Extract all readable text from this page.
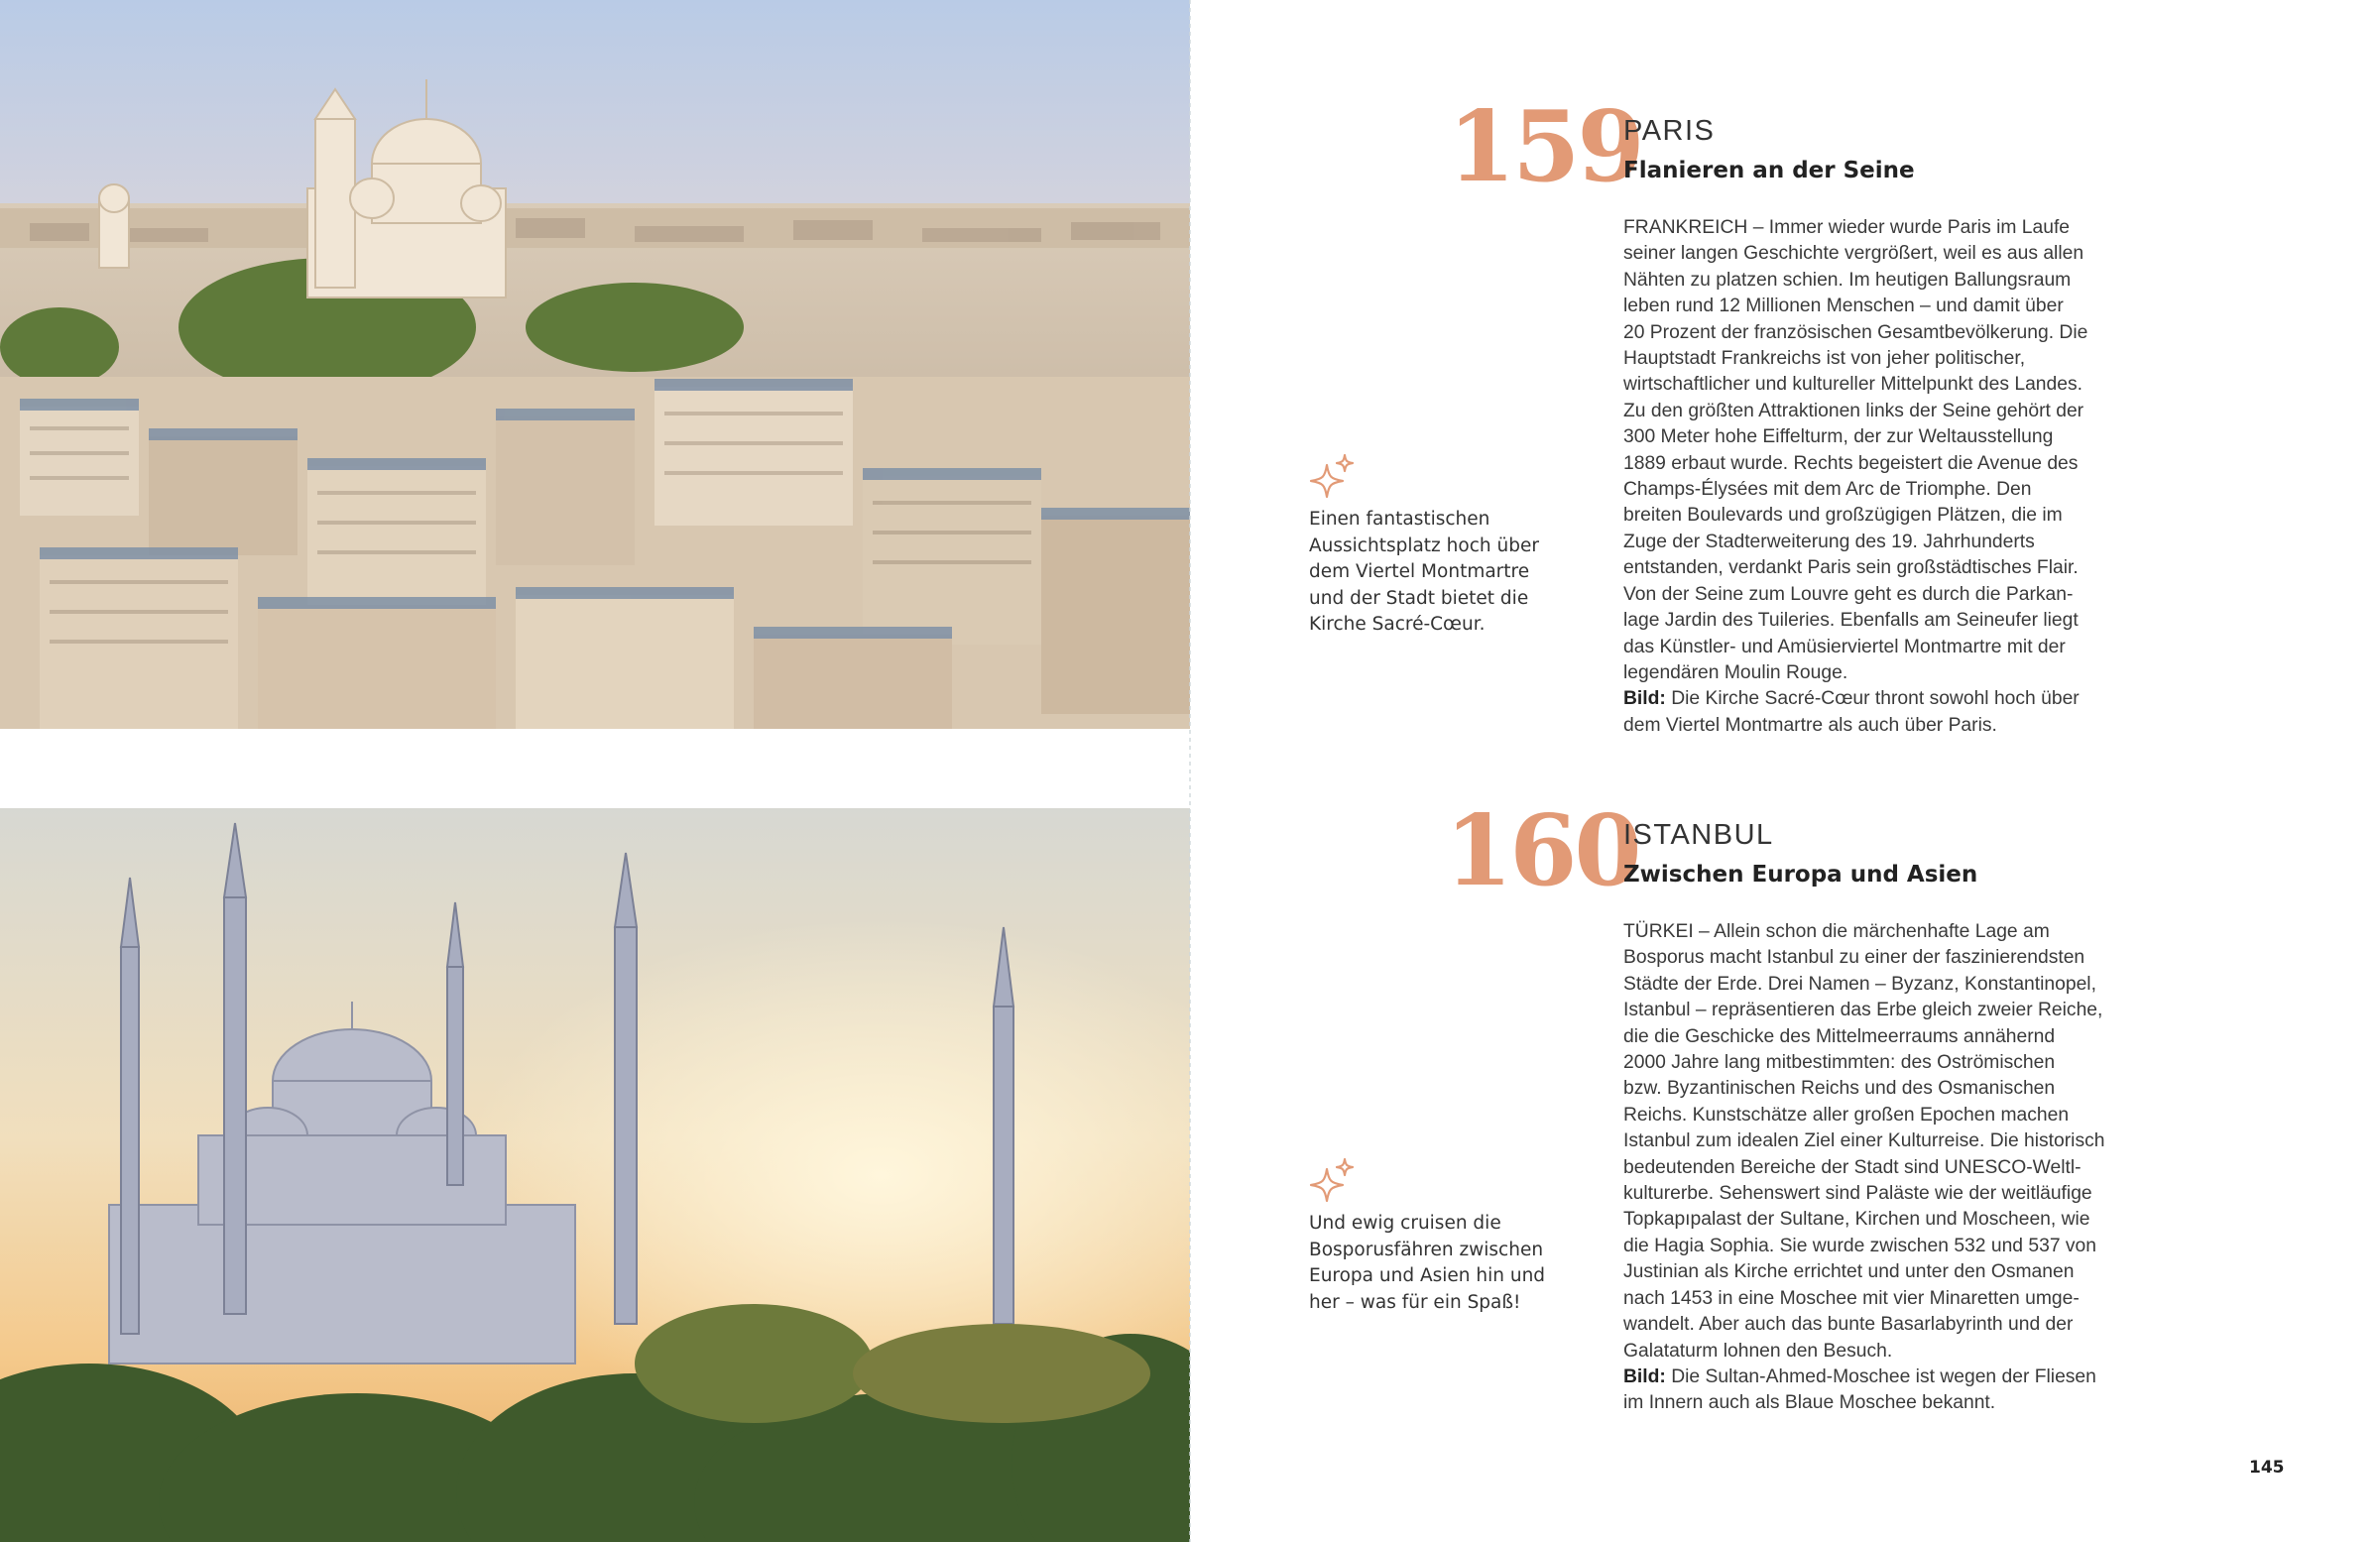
159
PARIS
Flanieren an der Seine
FRANKREICH – Immer wieder wurde Paris im Laufe
seiner langen Geschichte vergrößert, weil es aus allen
Nähten zu platzen schien. Im heutigen Ballungsraum
leben rund 12 Millionen Menschen – und damit über
20 Prozent der französischen Gesamtbevölkerung. Die
Hauptstadt Frankreichs ist von jeher politischer,
wirtschaftlicher und kultureller Mittelpunkt des Landes.
Zu den größten Attraktionen links der Seine gehört der
300 Meter hohe Eiffelturm, der zur Weltausstellung
1889 erbaut wurde. Rechts begeistert die Avenue des
Champs-Élysées mit dem Arc de Triomphe. Den
breiten Boulevards und großzügigen Plätzen, die im
Zuge der Stadterweiterung des 19. Jahrhunderts
entstanden, verdankt Paris sein großstädtisches Flair.
Von der Seine zum Louvre geht es durch die Parkan-
lage Jardin des Tuileries. Ebenfalls am Seineufer liegt
das Künstler- und Amüsierviertel Montmartre mit der
legendären Moulin Rouge.
Bild: Die Kirche Sacré-Cœur thront sowohl hoch über
dem Viertel Montmartre als auch über Paris.
Einen fantastischen
Aussichtsplatz hoch über
dem Viertel Montmartre
und der Stadt bietet die
Kirche Sacré-Cœur.
160
ISTANBUL
Zwischen Europa und Asien
TÜRKEI – Allein schon die märchenhafte Lage am
Bosporus macht Istanbul zu einer der faszinierendsten
Städte der Erde. Drei Namen – Byzanz, Konstantinopel,
Istanbul – repräsentieren das Erbe gleich zweier Reiche,
die die Geschicke des Mittelmeerraums annähernd
2000 Jahre lang mitbestimmten: des Oströmischen
bzw. Byzantinischen Reichs und des Osmanischen
Reichs. Kunstschätze aller großen Epochen machen
Istanbul zum idealen Ziel einer Kulturreise. Die historisch
bedeutenden Bereiche der Stadt sind UNESCO-Weltl-
kulturerbe. Sehenswert sind Paläste wie der weitläufige
Topkapıpalast der Sultane, Kirchen und Moscheen, wie
die Hagia Sophia. Sie wurde zwischen 532 und 537 von
Justinian als Kirche errichtet und unter den Osmanen
nach 1453 in eine Moschee mit vier Minaretten umge-
wandelt. Aber auch das bunte Basarlabyrinth und der
Galataturm lohnen den Besuch.
Bild: Die Sultan-Ahmed-Moschee ist wegen der Fliesen
im Innern auch als Blaue Moschee bekannt.
Und ewig cruisen die
Bosporusfähren zwischen
Europa und Asien hin und
her – was für ein Spaß!
145
